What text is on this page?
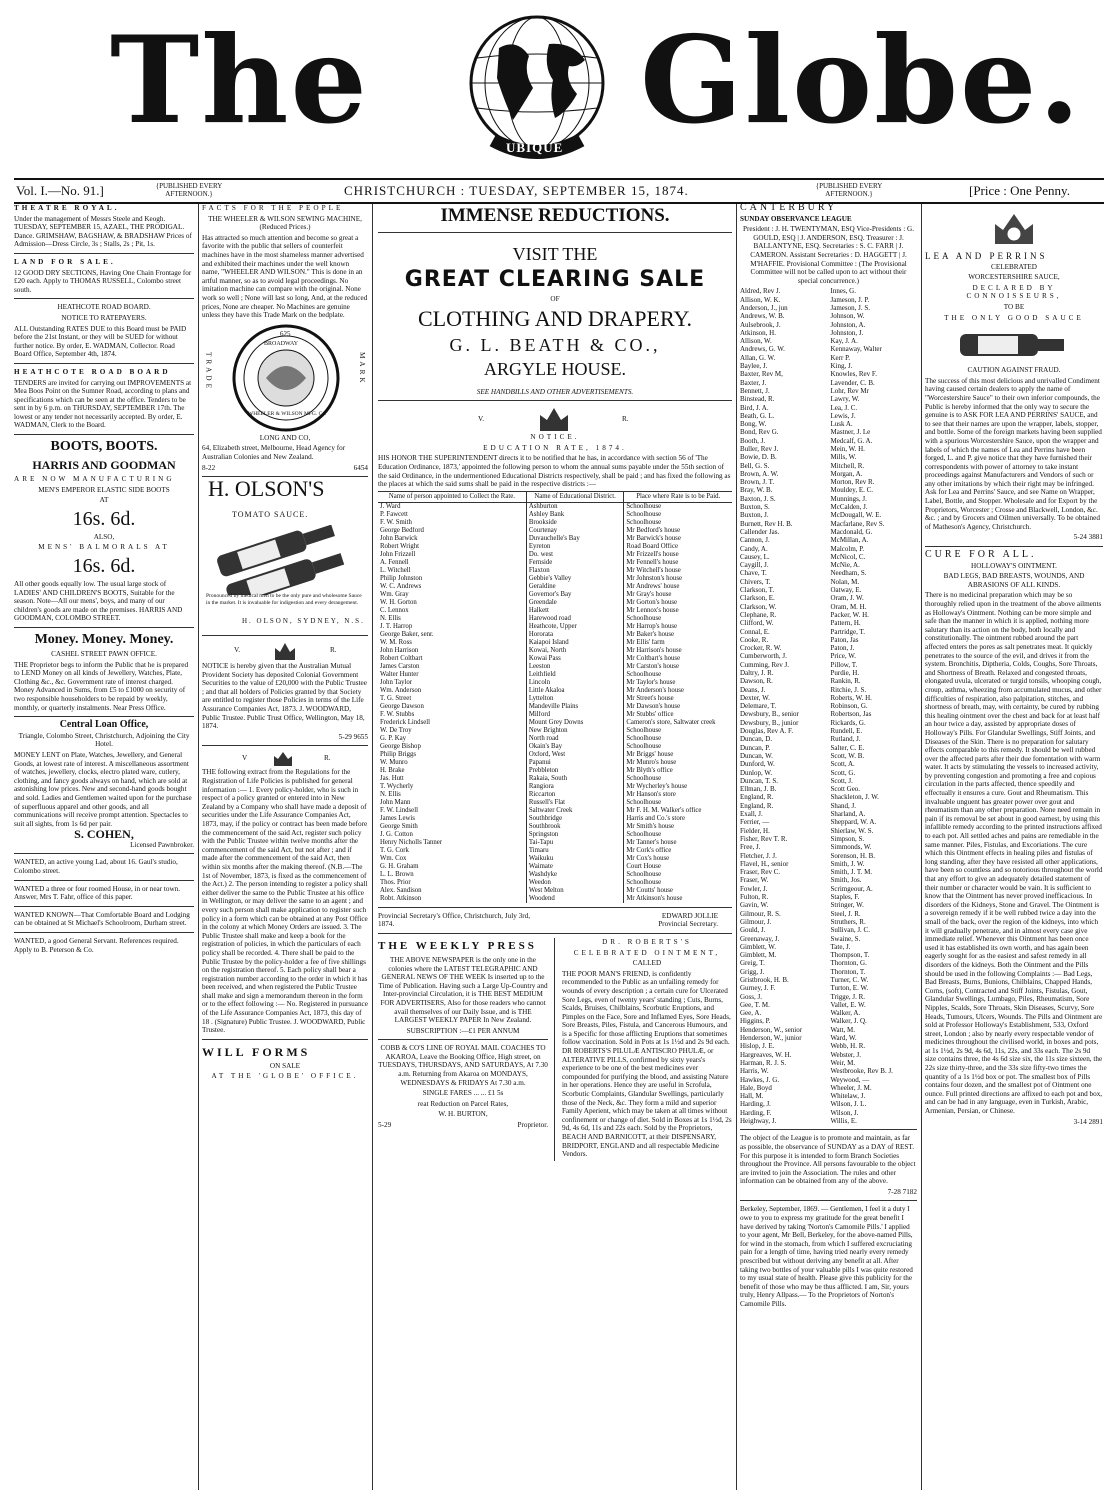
The	UBIQUE Globe.
Vol. I.—No. 91.]	{PUBLISHED EVERY AFTERNOON.}	CHRISTCHURCH : TUESDAY, SEPTEMBER 15, 1874.	{PUBLISHED EVERY AFTERNOON.}	[Price : One Penny.

THEATRE ROYAL.

Under the management of Messrs Steele and Keogh. TUESDAY, SEPTEMBER 15, AZAEL, THE PRODIGAL. Dance. GRIMSHAW, BAGSHAW, & BRADSHAW Prices of Admission—Dress Circle, 3s ; Stalls, 2s ; Pit, 1s.

LAND FOR SALE.

12 GOOD DRY SECTIONS, Having One Chain Frontage for £20 each. Apply to THOMAS RUSSELL, Colombo street south.

HEATHCOTE ROAD BOARD.

NOTICE TO RATEPAYERS.

ALL Outstanding RATES DUE to this Board must be PAID before the 21st Instant, or they will be SUED for without further notice. By order, E. WADMAN, Collector. Road Board Office, September 4th, 1874.

HEATHCOTE ROAD BOARD

TENDERS are invited for carrying out IMPROVEMENTS at Mea Boos Point on the Sumner Road, according to plans and specifications which can be seen at the office. Tenders to be sent in by 6 p.m. on THURSDAY, SEPTEMBER 17th. The lowest or any tender not necessarily accepted. By order, E. WADMAN, Clerk to the Board.

BOOTS, BOOTS.

HARRIS AND GOODMAN

ARE NOW MANUFACTURING

MEN'S EMPEROR ELASTIC SIDE BOOTS

AT

16s. 6d.

ALSO,

MENS' BALMORALS AT

16s. 6d.

All other goods equally low. The usual large stock of LADIES' AND CHILDREN'S BOOTS, Suitable for the season. Note—All our mens', boys, and many of our children's goods are made on the premises. HARRIS AND GOODMAN, COLOMBO STREET.

Money. Money. Money.

CASHEL STREET PAWN OFFICE.

THE Proprietor begs to inform the Public that he is prepared to LEND Money on all kinds of Jewellery, Watches, Plate, Clothing &c., &c. Government rate of interest charged. Money Advanced in Sums, from £5 to £1000 on security of two responsible householders to be repaid by weekly, monthly, or quarterly instalments. Near Press Office.

Central Loan Office,

Triangle, Colombo Street, Christchurch, Adjoining the City Hotel.

MONEY LENT on Plate, Watches, Jewellery, and General Goods, at lowest rate of interest. A miscellaneous assortment of watches, jewellery, clocks, electro plated ware, cutlery, clothing, and fancy goods always on hand, which are sold at astonishing low prices. New and second-hand goods bought and sold. Ladies and Gentlemen waited upon for the purchase of superfluous apparel and other goods, and all communications will receive prompt attention. Spectacles to suit all sights, from 1s 6d per pair.

S. COHEN,

Licensed Pawnbroker.

WANTED, an active young Lad, about 16. Gaul's studio, Colombo street.

WANTED a three or four roomed House, in or near town. Answer, Mrs T. Fahr, office of this paper.

WANTED KNOWN—That Comfortable Board and Lodging can be obtained at St Michael's Schoolroom, Durham street.

WANTED, a good General Servant. References required. Apply to B. Peterson & Co.

FACTS FOR THE PEOPLE

THE WHEELER & WILSON SEWING MACHINE, (Reduced Prices.)

Has attracted so much attention and become so great a favorite with the public that sellers of counterfeit machines have in the most shameless manner advertised and exhibited their machines under the well known name, "WHEELER AND WILSON." This is done in an artful manner, so as to avoid legal proceedings. No imitation machine can compare with the original. None work so well ; None will last so long, And, at the reduced prices, None are cheaper. No Machines are genuine unless they have this Trade Mark on the bedplate.

TRADE
625
BROADWAY
WHEELER & WILSON MFG. Co.
MARK

LONG AND CO,

64, Elizabeth street, Melbourne, Head Agency for Australian Colonies and New Zealand.

8-22	6454

H. OLSON'S
TOMATO SAUCE.
Pronounced by medical men to be the only pure and wholesome Sauce in the market. It is invaluable for indigestion and every derangement.
H. OLSON, SYDNEY, N.S.
V.	R.

NOTICE is hereby given that the Australian Mutual Provident Society has deposited Colonial Government Securities to the value of £20,000 with the Public Trustee ; and that all holders of Policies granted by that Society are entitled to register those Policies in terms of the Life Assurance Companies Act, 1873. J. WOODWARD, Public Trustee. Public Trust Office, Wellington, May 18, 1874.

5-29 9655

V	R.

THE following extract from the Regulations for the Registration of Life Policies is published for general information :— 1. Every policy-holder, who is such in respect of a policy granted or entered into in New Zealand by a Company who shall have made a deposit of securities under the Life Assurance Companies Act, 1873, may, if the policy or contract has been made before the commencement of the said Act, register such policy with the Public Trustee within twelve months after the commencement of the said Act, but not after ; and if made after the commencement of the said Act, then within six months after the making thereof. (N.B.—The 1st of November, 1873, is fixed as the commencement of the Act.) 2. The person intending to register a policy shall either deliver the same to the Public Trustee at his office in Wellington, or may deliver the same to an agent ; and every such person shall make application to register such policy in a form which can be obtained at any Post Office in the colony at which Money Orders are issued. 3. The Public Trustee shall make and keep a book for the registration of policies, in which the particulars of each policy shall be recorded. 4. There shall be paid to the Public Trustee by the policy-holder a fee of five shillings on the registration thereof. 5. Each policy shall bear a registration number according to the order in which it has been received, and when registered the Public Trustee shall make and sign a memorandum thereon in the form or to the effect following :— No. Registered in pursuance of the Life Assurance Companies Act, 1873, this day of 18 . (Signature) Public Trustee. J. WOODWARD, Public Trustee.

WILL FORMS

ON SALE

AT THE 'GLOBE' OFFICE.

IMMENSE REDUCTIONS.

VISIT THE

GREAT CLEARING SALE

OF

CLOTHING AND DRAPERY.

G. L. BEATH & CO.,

ARGYLE HOUSE.

SEE HANDBILLS AND OTHER ADVERTISEMENTS.

V.	R.

NOTICE.

EDUCATION RATE, 1874.

HIS HONOR THE SUPERINTENDENT directs it to be notified that he has, in accordance with section 56 of 'The Education Ordinance, 1873,' appointed the following person to whom the annual sums payable under the 55th section of the said Ordinance, in the undermentioned Educational Districts respectively, shall be paid ; and has fixed the following as the places at which the said sums shall be paid in the respective districts :—

Name of person appointed to Collect the Rate.	Name of Educational District.	Place where Rate is to be Paid.
J. Ward	Ashburton	Schoolhouse
P. Fawcett	Ashley Bank	Schoolhouse
F. W. Smith	Brookside	Schoolhouse
George Bedford	Courtenay	Mr Bedford's house
John Barwick	Duvauchelle's Bay	Mr Barwick's house
Robert Wright	Eyreton	Road Board Office
John Frizzell	Do. west	Mr Frizzell's house
A. Fennell	Fernside	Mr Fennell's house
L. Witchell	Flaxton	Mr Witchell's house
Philip Johnston	Gebbie's Valley	Mr Johnston's house
W. C. Andrews	Geraldine	Mr Andrews' house
Wm. Gray	Governor's Bay	Mr Gray's house
W. H. Gorton	Greendale	Mr Gorton's house
C. Lennox	Halkett	Mr Lennox's house
N. Ellis	Harewood road	Schoolhouse
J. T. Harrop	Heathcote, Upper	Mr Harrop's house
George Baker, senr.	Hororata	Mr Baker's house
W. M. Ross	Kaiapoi Island	Mr Ellis' farm
John Harrison	Kowai, North	Mr Harrison's house
Robert Coltbart	Kowai Pass	Mr Coltbart's house
James Carston	Leeston	Mr Carston's house
Walter Hunter	Leithfield	Schoolhouse
John Taylor	Lincoln	Mr Taylor's house
Wm. Anderson	Little Akaloa	Mr Anderson's house
T. G. Street	Lyttelton	Mr Street's house
George Dawson	Mandeville Plains	Mr Dawson's house
F. W. Stubbs	Milford	Mr Stubbs' office
Frederick Lindsell	Mount Grey Downs	Cameron's store, Saltwater creek
W. De Troy	New Brighton	Schoolhouse
G. P. Kay	North road	Schoolhouse
George Bishop	Okain's Bay	Schoolhouse
Philip Briggs	Oxford, West	Mr Briggs' house
W. Munro	Papanui	Mr Munro's house
H. Brake	Prebbleton	Mr Blyth's office
Jas. Hutt	Rakaia, South	Schoolhouse
T. Wycherly	Rangiora	Mr Wycherley's house
N. Ellis	Riccarton	Mr Hanson's store
John Mann	Russell's Flat	Schoolhouse
F. W. Lindsell	Saltwater Creek	Mr F. H. M. Walker's office
James Lewis	Southbridge	Harris and Co.'s store
George Smith	Southbrook	Mr Smith's house
J. G. Cotton	Springston	Schoolhouse
Henry Nicholls Tanner	Tai-Tapu	Mr Tanner's house
T. G. Cork	Timaru	Mr Cork's office
Wm. Cox	Waikuku	Mr Cox's house
G. H. Graham	Waimate	Court House
L. L. Brown	Washdyke	Schoolhouse
Thos. Prior	Weedon	Schoolhouse
Alex. Sandison	West Melton	Mr Coutts' house
Robt. Atkinson	Woodend	Mr Atkinson's house

Provincial Secretary's Office, Christchurch, July 3rd, 1874.EDWARD JOLLIE
Provincial Secretary.

THE WEEKLY PRESS

THE ABOVE NEWSPAPER is the only one in the colonies where the LATEST TELEGRAPHIC AND GENERAL NEWS OF THE WEEK Is inserted up to the Time of Publication. Having such a Large Up-Country and Inter-provincial Circulation, it is THE BEST MEDIUM FOR ADVERTISERS, Also for those readers who cannot avail themselves of our Daily Issue, and is THE LARGEST WEEKLY PAPER In New Zealand.

SUBSCRIPTION :—£1 PER ANNUM

COBB & CO'S LINE OF ROYAL MAIL COACHES TO AKAROA, Leave the Booking Office, High street, on TUESDAYS, THURSDAYS, AND SATURDAYS, At 7.30 a.m. Returning from Akaroa on MONDAYS, WEDNESDAYS & FRIDAYS At 7.30 a.m.

SINGLE FARES ... ... £1 5s

reat Reduction on Parcel Rates,

W. H. BURTON,

5-29	Proprietor.

DR. ROBERTS'S

CELEBRATED OINTMENT,

CALLED

THE POOR MAN'S FRIEND, is confidently recommended to the Public as an unfailing remedy for wounds of every description ; a certain cure for Ulcerated Sore Legs, even of twenty years' standing ; Cuts, Burns, Scalds, Bruises, Chilblains, Scorbutic Eruptions, and Pimples on the Face, Sore and Inflamed Eyes, Sore Heads, Sore Breasts, Piles, Fistula, and Cancerous Humours, and is a Specific for those afflicting Eruptions that sometimes follow vaccination. Sold in Pots at 1s 1½d and 2s 9d each. DR ROBERTS'S PILULÆ ANTISCRO PHULÆ, or ALTERATIVE PILLS, confirmed by sixty years's experience to be one of the best medicines ever compounded for purifying the blood, and assisting Nature in her operations. Hence they are useful in Scrofula, Scorbutic Complaints, Glandular Swellings, particularly those of the Neck, &c. They form a mild and superior Family Aperient, which may be taken at all times without confinement or change of diet. Sold in Boxes at 1s 1½d, 2s 9d, 4s 6d, 11s and 22s each. Sold by the Proprietors, BEACH AND BARNICOTT, at their DISPENSARY, BRIDPORT, ENGLAND and all respectable Medicine Vendors.

CANTERBURY

SUNDAY OBSERVANCE LEAGUE

President : J. H. TWENTYMAN, ESQ Vice-Presidents : G. GOULD, ESQ | J. ANDERSON, ESQ. Treasurer : J. BALLANTYNE, ESQ. Secretaries : S. C. FARR | J. CAMERON. Assistant Secretaries : D. HAGGETT | J. M'HAFFIE. Provisional Committee : (The Provisional Committee will not be called upon to act without their special concurrence.)

Aldred, Rev J.
Allison, W. K.
Anderson, J., jun
Andrews, W. B.
Aulsebrook, J.
Atkinson, H.
Allison, W.
Andrews, G. W.
Allan, G. W.
Baylee, J.
Baxter, Rev M,
Baxter, J.
Bennett, J.
Binstead, R.
Bird, J. A.
Beath, G. L.
Bong, W.
Bond, Rev G.
Booth, J.
Buller, Rev J.
Bowie, D. B.
Bell, G. S.
Brown, A. W.
Brown, J. T.
Bray, W. B.
Baxton, J. S.
Buxton, S.
Buxton, J.
Burnett, Rev H. B.
Callender Jas.
Cannon, J.
Candy, A.
Causey, L.
Caygill, J.
Chave, T.
Chivers, T.
Clarkson, T.
Clarkson, E.
Clarkson, W.
Clephane, R.
Clifford, W.
Connal, E.
Cooke, R.
Crocker, R. W.
Cumberworth, J.
Cumming, Rev J.
Daltry, J. R.
Dawson, R.
Deans, J.
Dexter, W.
Delemare, T.
Dewsbury, B., senior
Dewsbury, B., junior
Douglas, Rev A. F.
Duncan, D.
Duncan, P.
Duncan, W.
Dunford, W.
Dunlop, W.
Duncan, T. S.
Ellman, J. B.
England, R.
England, R.
Exall, J.
Ferrier, —
Fielder, H.
Fisher, Rev T. R.
Free, J.
Fletcher, J. J.
Flavel, H., senior
Fraser, Rev C.
Fraser, W.
Fowler, J.
Fulton, R.
Gavin, W.
Gilmour, R. S.
Gilmour, J.
Gould, J.
Greenaway, J.
Gimblett, W.
Gimblett, M.
Greig, T.
Grigg, J.
Gristbrook, H. B.
Gurney, J. F.
Goss, J.
Gee, T. M.
Gee, A.
Higgins, P.
Henderson, W., senior
Henderson, W., junior
Hislop, J. E.
Hargreaves, W. H.
Harman, R. J. S.
Harris, W.
Hawkes, J. G.
Hale, Boyd
Hall, M.
Harding, J.
Harding, F.
Heighway, J.
Innes, G.
Jameson, J. P.
Jameson, J. S.
Johnson, W.
Johnston, A.
Johnston, J.
Kay, J. A.
Kennaway, Walter
Kerr P.
King, J.
Knowles, Rev F.
Lavender, C. B.
Lohr, Rev Mr
Lawry, W.
Lea, J. C.
Lewis, J.
Lusk A.
Mastner, J. Le
Medcalf, G. A.
Mein, W. H.
Mills, W.
Mitchell, R.
Morgan, A.
Morton, Rev R.
Mouldey, E. C.
Munnings, J.
McCalden, J.
McDougall, W. E.
Macfarlane, Rev S.
Macdonald, G.
McMillan, A.
Malcolm, P.
McNicol, C.
McNie, A.
Needham, S.
Nolan, M.
Oatway, E.
Oram, J. W.
Oram, M. H.
Packer, W. H.
Pattern, H.
Partridge, T.
Paton, Jas
Paton, J.
Price, W.
Pillow, T.
Purdie, H.
Rankin, R.
Ritchie, J. S.
Roberts, W. H.
Robinson, G.
Robertson, Jas
Rickards, G.
Rundell, E.
Rutland, J.
Salter, C. E.
Scott, W. B.
Scott, A.
Scott, G.
Scott, J.
Scott Geo.
Shackleton, J. W.
Shand, J.
Sharland, A.
Sheppard, W. A.
Shierlaw, W. S.
Simpson, S.
Simmonds, W.
Sorenson, H. B.
Smith, J. W.
Smith, J. T. M.
Smith, Jos.
Scrimgeour, A.
Staples, F.
Stringer, W.
Steel, J. R.
Struthers, R.
Sullivan, J. C.
Swaine, S.
Tate, J.
Thompson, T.
Thornton, G.
Thornton, T.
Turner, C. W.
Turton, E. W.
Trigge, J. R.
Vallet, E. W.
Walker, A.
Walker, J. Q.
Watt, M.
Ward, W.
Webb, H. R.
Webster, J.
Weir, M.
Westbrooke, Rev B. J.
Weywood, —
Wheeler, J. M.
Whitelaw, J.
Wilson, J. L.
Wilson, J.
Willis, E.

The object of the League is to promote and maintain, as far as possible, the observance of SUNDAY as a DAY of REST. For this purpose it is intended to form Branch Societies throughout the Province. All persons favourable to the object are invited to join the Association. The rules and other information can be obtained from any of the above.

7-28 7182

Berkeley, September, 1869. — Gentlemen, I feel it a duty I owe to you to express my gratitude for the great benefit I have derived by taking 'Norton's Camomile Pills.' I applied to your agent, Mr Bell, Berkeley, for the above-named Pills, for wind in the stomach, from which I suffered excruciating pain for a length of time, having tried nearly every remedy prescribed but without deriving any benefit at all. After taking two bottles of your valuable pills I was quite restored to my usual state of health. Please give this publicity for the benefit of those who may be thus afflicted. I am, Sir, yours truly, Henry Allpass.— To the Proprietors of Norton's Camomile Pills.

LEA AND PERRINS

CELEBRATED

WORCESTERSHIRE SAUCE,

DECLARED BY CONNOISSEURS,

TO BE

THE ONLY GOOD SAUCE

CAUTION AGAINST FRAUD.

The success of this most delicious and unrivalled Condiment having caused certain dealers to apply the name of "Worcestershire Sauce" to their own inferior compounds, the Public is hereby informed that the only way to secure the genuine is to ASK FOR LEA AND PERRINS' SAUCE, and to see that their names are upon the wrapper, labels, stopper, and bottle. Some of the foreign markets having been supplied with a spurious Worcestershire Sauce, upon the wrapper and labels of which the names of Lea and Perrins have been forged, L. and P. give notice that they have furnished their correspondents with power of attorney to take instant proceedings against Manufacturers and Vendors of such or any other imitations by which their right may be infringed. Ask for Lea and Perrins' Sauce, and see Name on Wrapper, Label, Bottle, and Stopper. Wholesale and for Export by the Proprietors, Worcester ; Crosse and Blackwell, London, &c. &c. ; and by Grocers and Oilmen universally. To be obtained of Matheson's Agency, Christchurch.

5-24 3881

CURE FOR ALL.

HOLLOWAY'S OINTMENT.

BAD LEGS, BAD BREASTS, WOUNDS, AND ABRASIONS OF ALL KINDS.

There is no medicinal preparation which may be so thoroughly relied upon in the treatment of the above ailments as Holloway's Ointment. Nothing can be more simple and safe than the manner in which it is applied, nothing more salutary than its action on the body, both locally and constitutionally. The ointment rubbed around the part affected enters the pores as salt penetrates meat. It quickly penetrates to the source of the evil, and drives it from the system. Bronchitis, Diptheria, Colds, Coughs, Sore Throats, and Shortness of Breath. Relaxed and congested throats, elongated uvula, ulcerated or turgid tonsils, whooping cough, croup, asthma, wheezing from accumulated mucus, and other difficulties of respiration, also palpitation, stitches, and shortness of breath, may, with certainty, be cured by rubbing this healing ointment over the chest and back for at least half an hour twice a day, assisted by appropriate doses of Holloway's Pills. For Glandular Swellings, Stiff Joints, and Diseases of the Skin. There is no preparation for salutary effects comparable to this remedy. It should be well rubbed over the affected parts after their due fomentation with warm water. It acts by stimulating the vessels to increased activity, by preventing congestion and promoting a free and copious circulation in the parts affected, thence speedily and effectually it ensures a cure. Gout and Rheumatism. This invaluable unguent has greater power over gout and rheumatism than any other preparation. None need remain in pain if its removal be set about in good earnest, by using this infallible remedy according to the printed instructions affixed to each pot. All settled aches and pains are remediable in the same manner. Piles, Fistulas, and Excoriations. The cure which this Ointment effects in healing piles and fistulas of long standing, after they have resisted all other applications, have been so countless and so notorious throughout the world that any effort to give an adequately detailed statement of their number or character would be vain. It is sufficient to know that the Ointment has never proved inefficacious. In disorders of the Kidneys, Stone and Gravel. The Ointment is a sovereign remedy if it be well rubbed twice a day into the small of the back, over the region of the kidneys, into which it will gradually penetrate, and in almost every case give immediate relief. Whenever this Ointment has been once used it has established its own worth, and has again been eagerly sought for as the easiest and safest remedy in all disorders of the kidneys. Both the Ointment and the Pills should be used in the following Complaints :— Bad Legs, Bad Breasts, Burns, Bunions, Chilblains, Chapped Hands, Corns, (soft), Contracted and Stiff Joints, Fistulas, Gout, Glandular Swellings, Lumbago, Piles, Rheumatism, Sore Nipples, Scalds, Sore Throats, Skin Diseases, Scurvy, Sore Heads, Tumours, Ulcers, Wounds. The Pills and Ointment are sold at Professor Holloway's Establishment, 533, Oxford street, London ; also by nearly every respectable vendor of medicines throughout the civilised world, in boxes and pots, at 1s 1½d, 2s 9d, 4s 6d, 11s, 22s, and 33s each. The 2s 9d size contains three, the 4s 6d size six, the 11s size sixteen, the 22s size thirty-three, and the 33s size fifty-two times the quantity of a 1s 1½d box or pot. The smallest box of Pills contains four dozen, and the smallest pot of Ointment one ounce. Full printed directions are affixed to each pot and box, and can be had in any language, even in Turkish, Arabic, Armenian, Persian, or Chinese.

3-14 2891
